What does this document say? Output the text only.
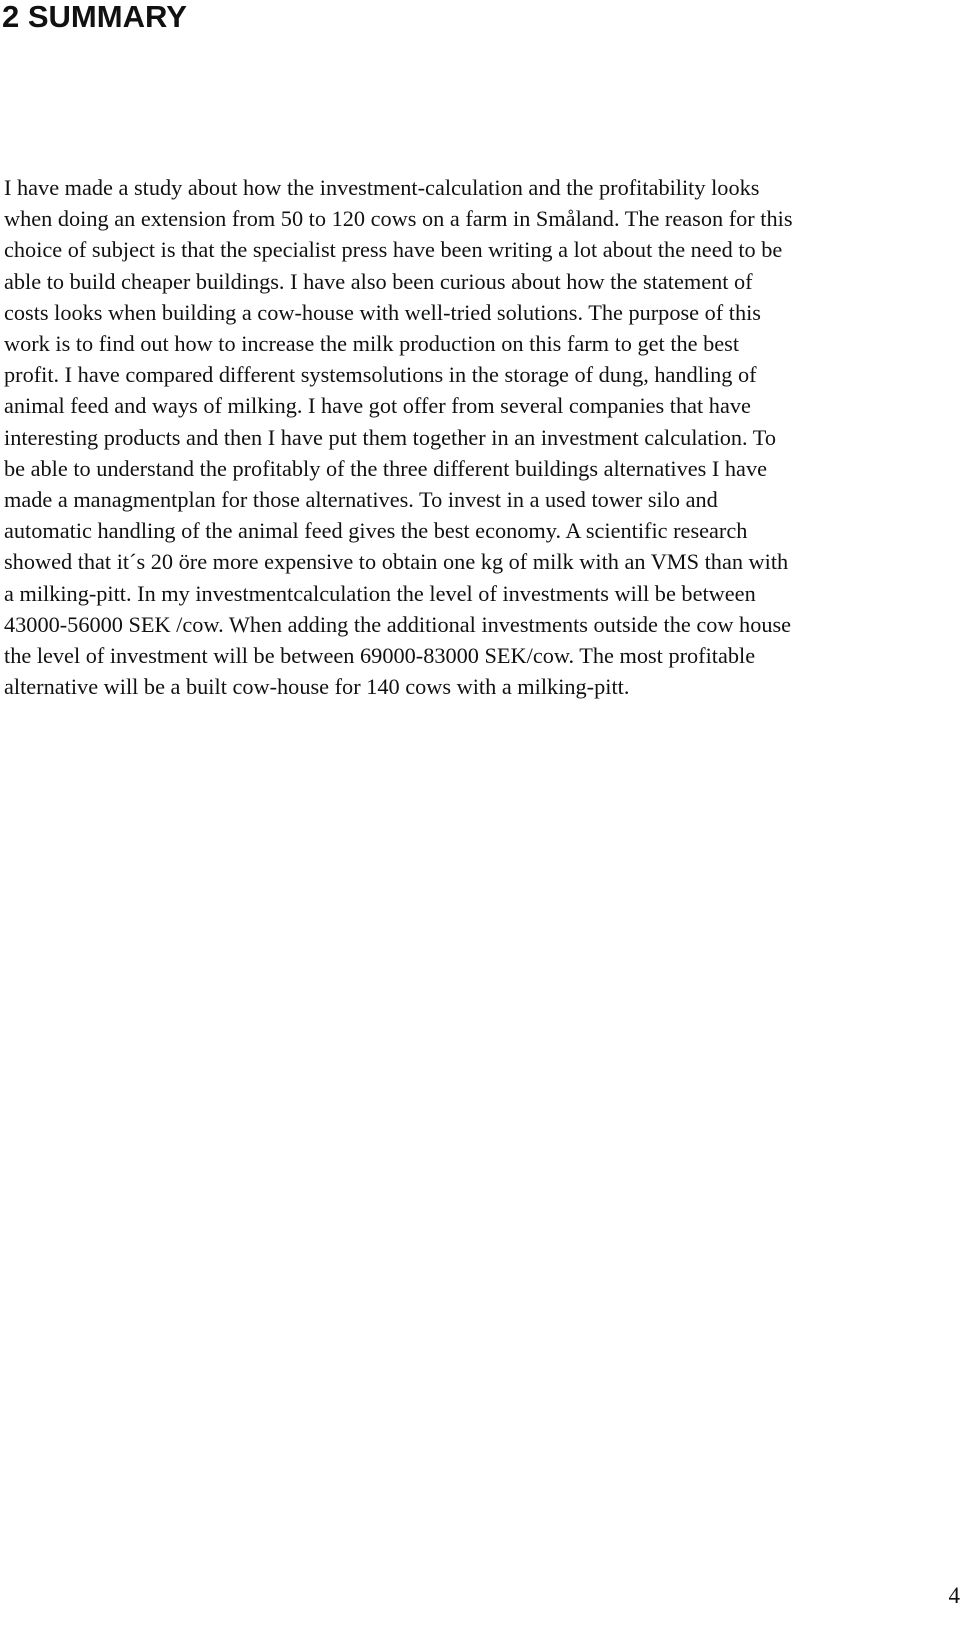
2 SUMMARY
I have made a study about how the investment-calculation and the profitability looks
when doing an extension from 50 to 120 cows on a farm in Småland. The reason for this
choice of subject is that the specialist press have been writing a lot about the need to be
able to build cheaper buildings. I have also been curious about how the statement of
costs looks when building a cow-house with well-tried solutions. The purpose of this
work is to find out how to increase the milk production on this farm to get the best
profit. I have compared different systemsolutions in the storage of dung, handling of
animal feed and ways of milking. I have got offer from several companies that have
interesting products and then I have put them together in an investment calculation. To
be able to understand the profitably of the three different buildings alternatives I have
made a managmentplan for those alternatives. To invest in a used tower silo and
automatic handling of the animal feed gives the best economy. A scientific research
showed that it´s 20 öre more expensive to obtain one kg of milk with an VMS than with
a milking-pitt. In my investmentcalculation the level of investments will be between
43000-56000 SEK /cow. When adding the additional investments outside the cow house
the level of investment will be between 69000-83000 SEK/cow. The most profitable
alternative will be a built cow-house for 140 cows with a milking-pitt.
4
